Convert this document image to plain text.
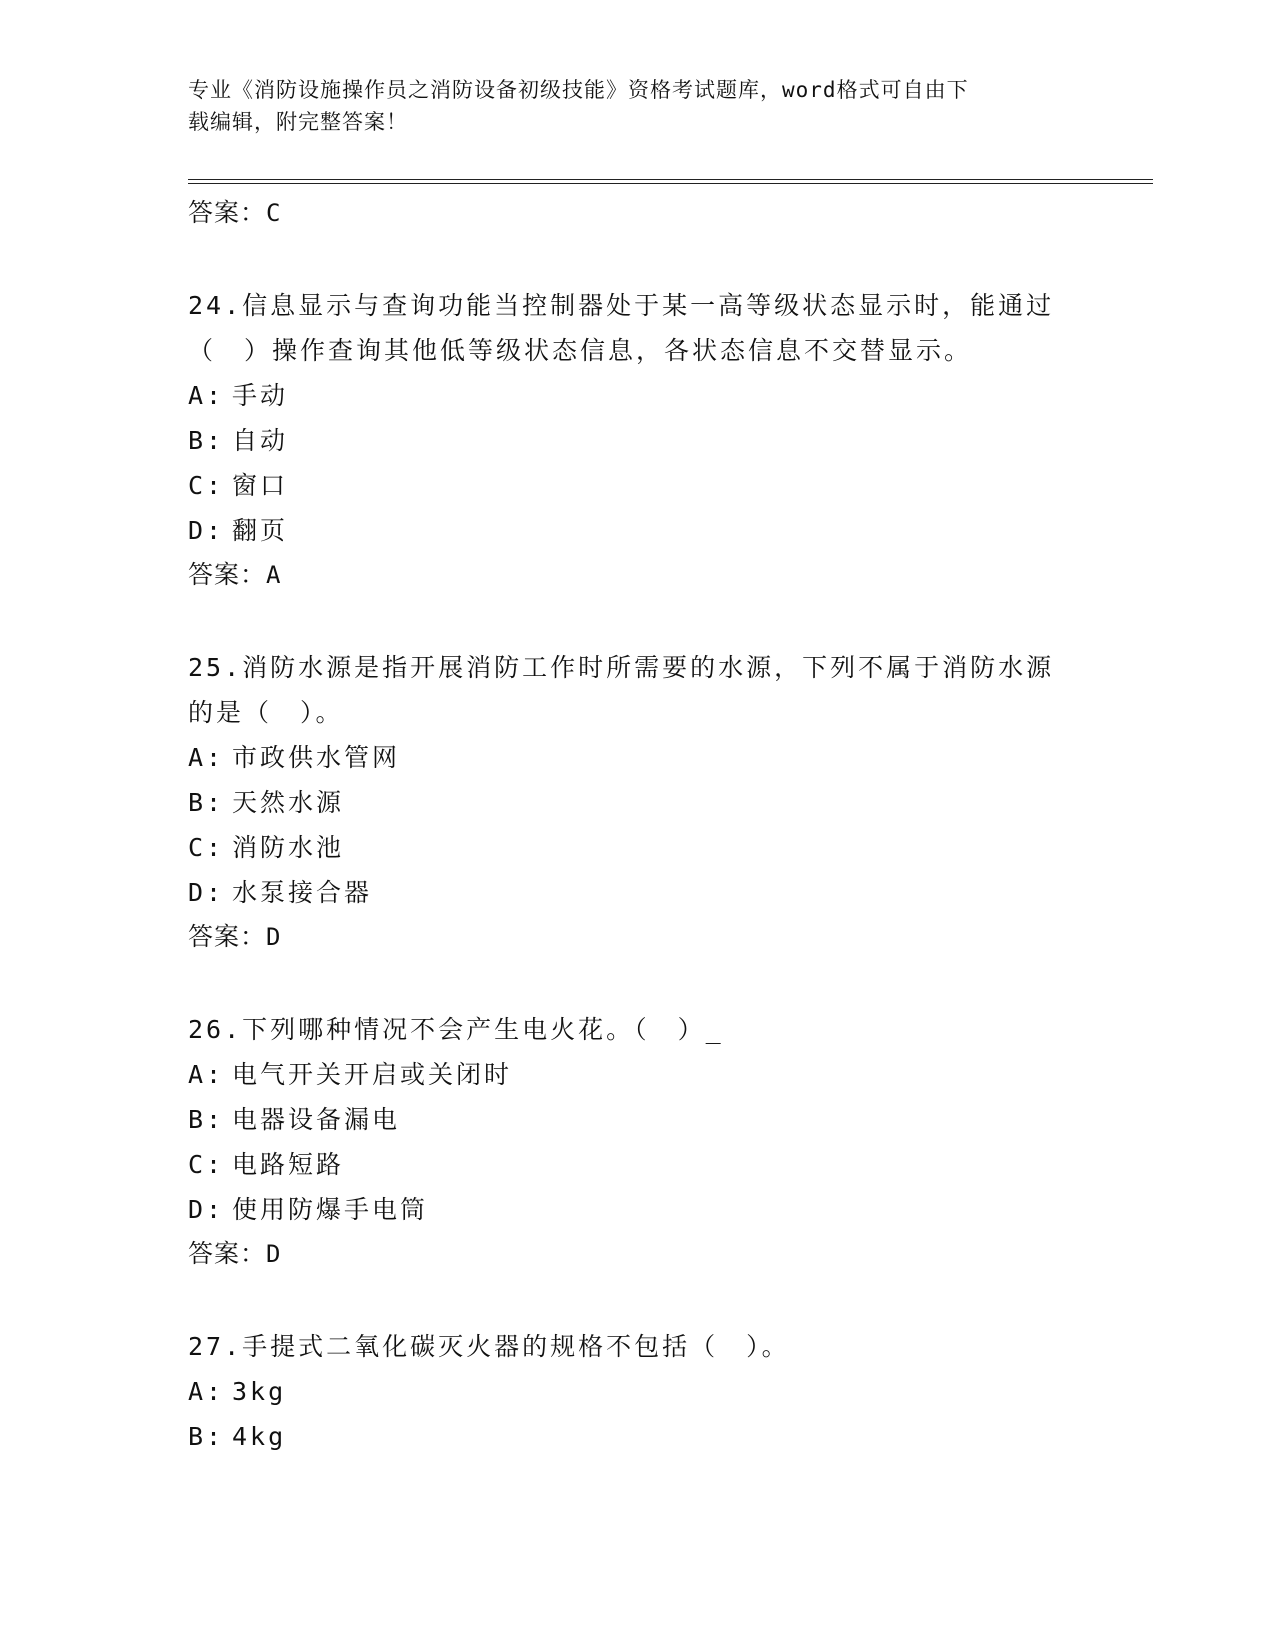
专业《消防设施操作员之消防设备初级技能》资格考试题库，word格式可自由下
载编辑，附完整答案！
答案：C
24.信息显示与查询功能当控制器处于某一高等级状态显示时，能通过
（　）操作查询其他低等级状态信息，各状态信息不交替显示。
A: 手动
B: 自动
C: 窗口
D: 翻页
答案：A
25.消防水源是指开展消防工作时所需要的水源，下列不属于消防水源
的是（　）。
A: 市政供水管网
B: 天然水源
C: 消防水池
D: 水泵接合器
答案：D
26.下列哪种情况不会产生电火花。（　）_
A: 电气开关开启或关闭时
B: 电器设备漏电
C: 电路短路
D: 使用防爆手电筒
答案：D
27.手提式二氧化碳灭火器的规格不包括（　）。
A: 3kg
B: 4kg
